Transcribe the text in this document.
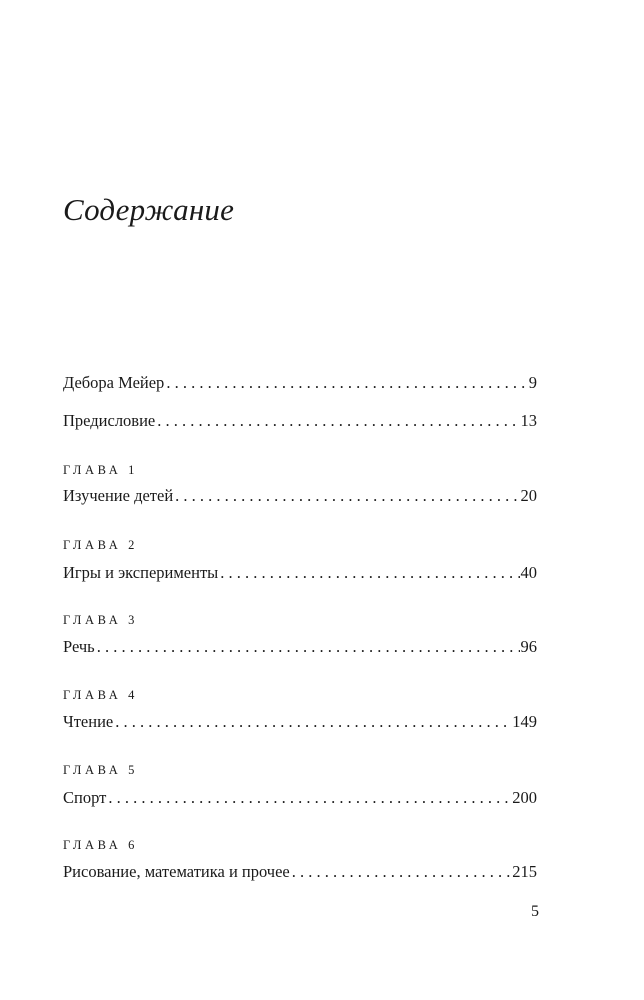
Содержание
Дебора Мейер . . .	9
Предисловие . . .	13
ГЛАВА 1
Изучение детей . . .	20
ГЛАВА 2
Игры и эксперименты . . .	40
ГЛАВА 3
Речь . . .	96
ГЛАВА 4
Чтение . . .	149
ГЛАВА 5
Спорт . . .	200
ГЛАВА 6
Рисование, математика и прочее . . .	215
5
